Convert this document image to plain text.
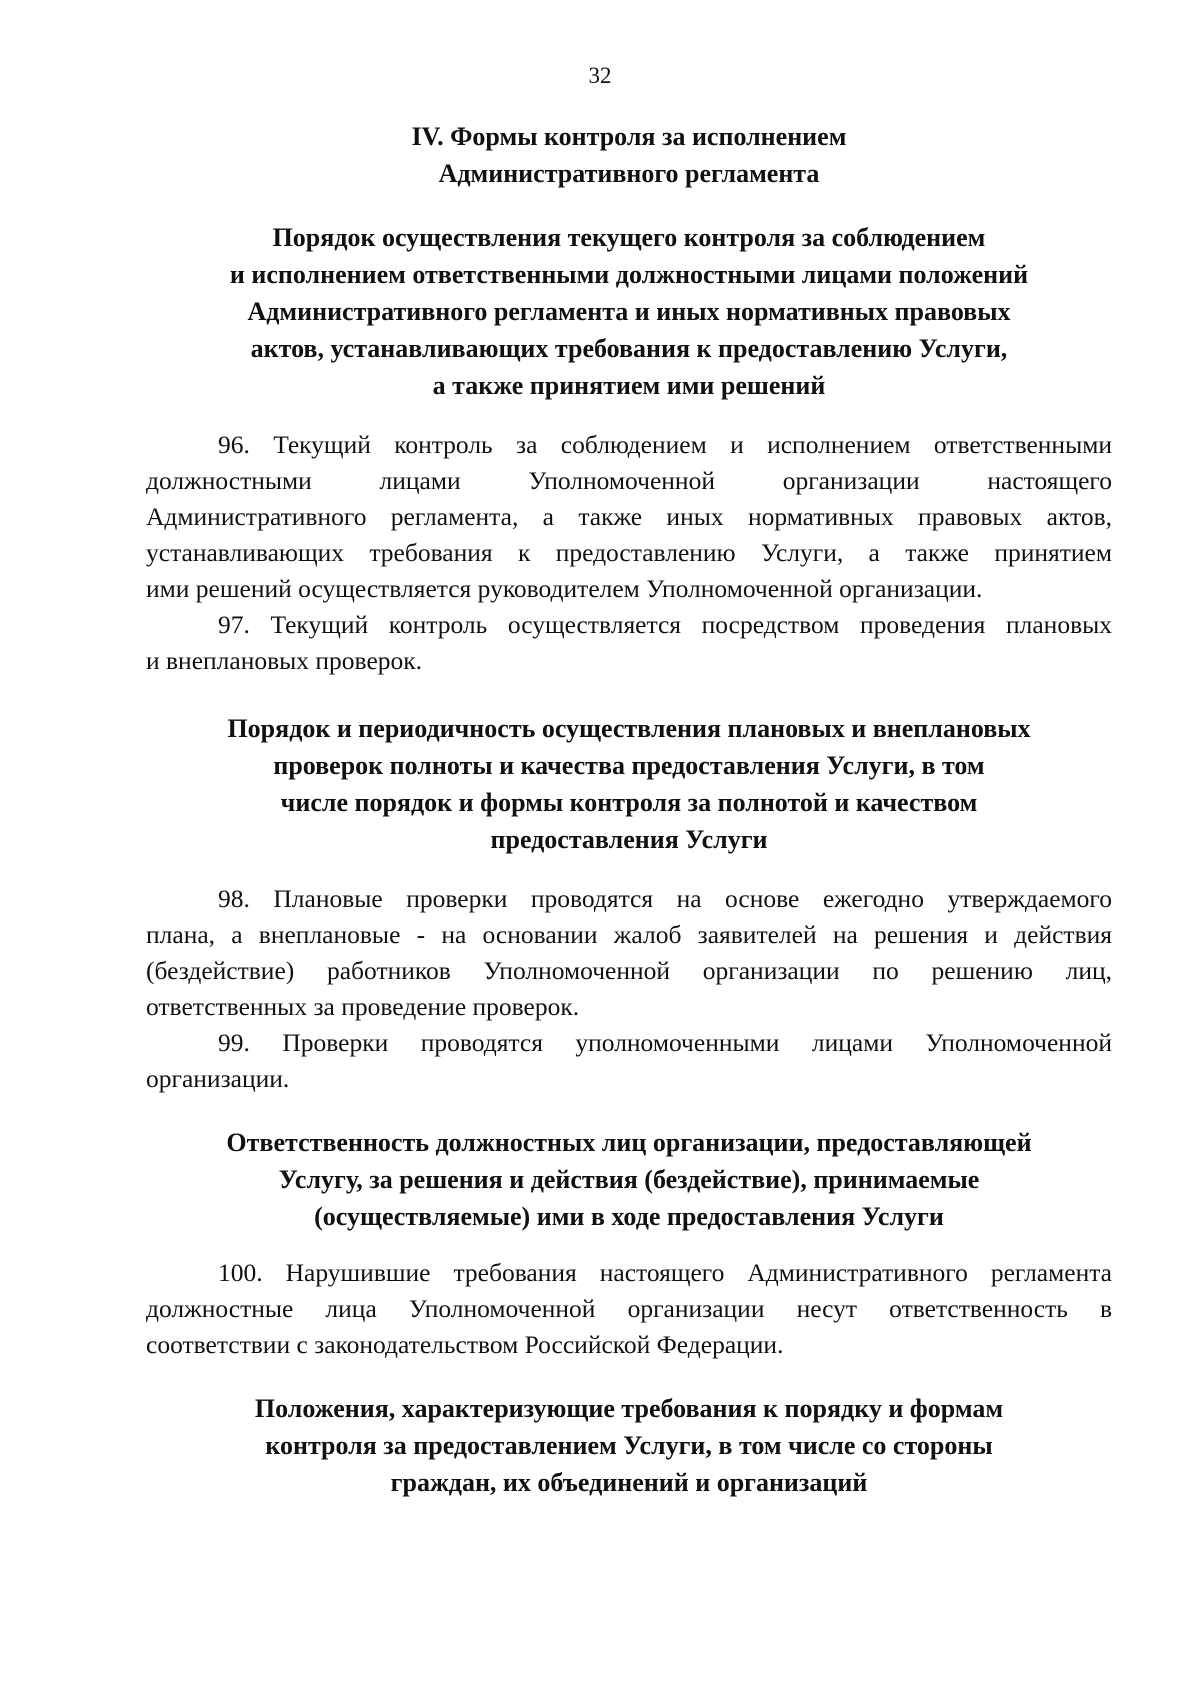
32
IV. Формы контроля за исполнением
Административного регламента
Порядок осуществления текущего контроля за соблюдением
и исполнением ответственными должностными лицами положений
Административного регламента и иных нормативных правовых
актов, устанавливающих требования к предоставлению Услуги,
а также принятием ими решений
96. Текущий контроль за соблюдением и исполнением ответственными
должностными лицами Уполномоченной организации настоящего
Административного регламента, а также иных нормативных правовых актов,
устанавливающих требования к предоставлению Услуги, а также принятием
ими решений осуществляется руководителем Уполномоченной организации.
97. Текущий контроль осуществляется посредством проведения плановых
и внеплановых проверок.
Порядок и периодичность осуществления плановых и внеплановых
проверок полноты и качества предоставления Услуги, в том
числе порядок и формы контроля за полнотой и качеством
предоставления Услуги
98. Плановые проверки проводятся на основе ежегодно утверждаемого
плана, а внеплановые - на основании жалоб заявителей на решения и действия
(бездействие) работников Уполномоченной организации по решению лиц,
ответственных за проведение проверок.
99. Проверки проводятся уполномоченными лицами Уполномоченной
организации.
Ответственность должностных лиц организации, предоставляющей
Услугу, за решения и действия (бездействие), принимаемые
(осуществляемые) ими в ходе предоставления Услуги
100. Нарушившие требования настоящего Административного регламента
должностные лица Уполномоченной организации несут ответственность в
соответствии с законодательством Российской Федерации.
Положения, характеризующие требования к порядку и формам
контроля за предоставлением Услуги, в том числе со стороны
граждан, их объединений и организаций
